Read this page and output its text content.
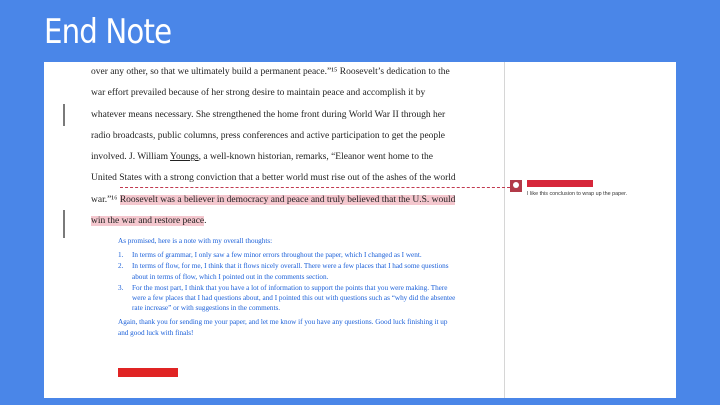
End Note
over any other, so that we ultimately build a permanent peace.”¹⁵ Roosevelt’s dedication to the
war effort prevailed because of her strong desire to maintain peace and accomplish it by
whatever means necessary. She strengthened the home front during World War II through her
radio broadcasts, public columns, press conferences and active participation to get the people
involved. J. William Youngs, a well-known historian, remarks, “Eleanor went home to the
United States with a strong conviction that a better world must rise out of the ashes of the world
war.”¹⁶ Roosevelt was a believer in democracy and peace and truly believed that the U.S. would
win the war and restore peace.

As promised, here is a note with my overall thoughts:

1.	In terms of grammar, I only saw a few minor errors throughout the paper, which I changed as I went.
2.	In terms of flow, for me, I think that it flows nicely overall. There were a few places that I had some questions about in terms of flow, which I pointed out in the comments section.
3.	For the most part, I think that you have a lot of information to support the points that you were making. There were a few places that I had questions about, and I pointed this out with questions such as “why did the absentee rate increase” or with suggestions in the comments.

Again, thank you for sending me your paper, and let me know if you have any questions. Good luck finishing it up and good luck with finals!

I like this conclusion to wrap up the paper.
